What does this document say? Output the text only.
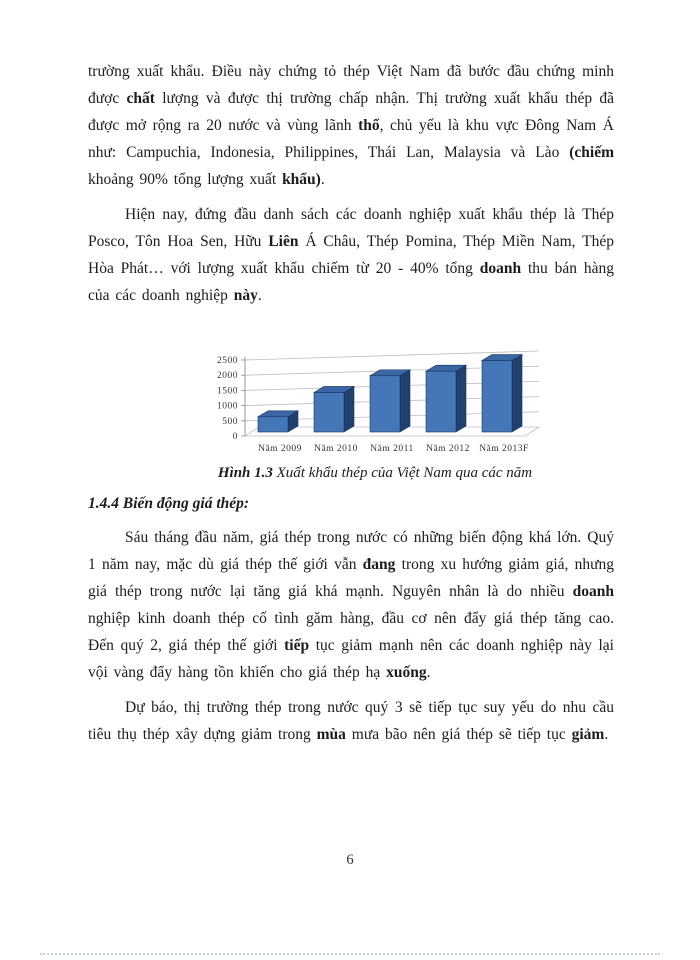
trường xuất khẩu. Điều này chứng tỏ thép Việt Nam đã bước đầu chứng minh được chất lượng và được thị trường chấp nhận. Thị trường xuất khẩu thép đã được mở rộng ra 20 nước và vùng lãnh thổ, chủ yếu là khu vực Đông Nam Á như: Campuchia, Indonesia, Philippines, Thái Lan, Malaysia và Lào (chiếm khoảng 90% tổng lượng xuất khẩu).

Hiện nay, đứng đầu danh sách các doanh nghiệp xuất khẩu thép là Thép Posco, Tôn Hoa Sen, Hữu Liên Á Châu, Thép Pomina, Thép Miền Nam, Thép Hòa Phát… với lượng xuất khẩu chiếm từ 20 - 40% tổng doanh thu bán hàng của các doanh nghiệp này.

0
500
1000
1500
2000
2500
Năm 2009 Năm 2010 Năm 2011 Năm 2012 Năm 2013F
Hình 1.3 Xuất khẩu thép của Việt Nam qua các năm
1.4.4 Biến động giá thép:

Sáu tháng đầu năm, giá thép trong nước có những biến động khá lớn. Quý 1 năm nay, mặc dù giá thép thế giới vẫn đang trong xu hướng giảm giá, nhưng giá thép trong nước lại tăng giá khá mạnh. Nguyên nhân là do nhiều doanh nghiệp kinh doanh thép cố tình găm hàng, đầu cơ nên đẩy giá thép tăng cao. Đến quý 2, giá thép thế giới tiếp tục giảm mạnh nên các doanh nghiệp này lại vội vàng đẩy hàng tồn khiến cho giá thép hạ xuống.

Dự báo, thị trường thép trong nước quý 3 sẽ tiếp tục suy yếu do nhu cầu tiêu thụ thép xây dựng giảm trong mùa mưa bão nên giá thép sẽ tiếp tục giảm.

6
